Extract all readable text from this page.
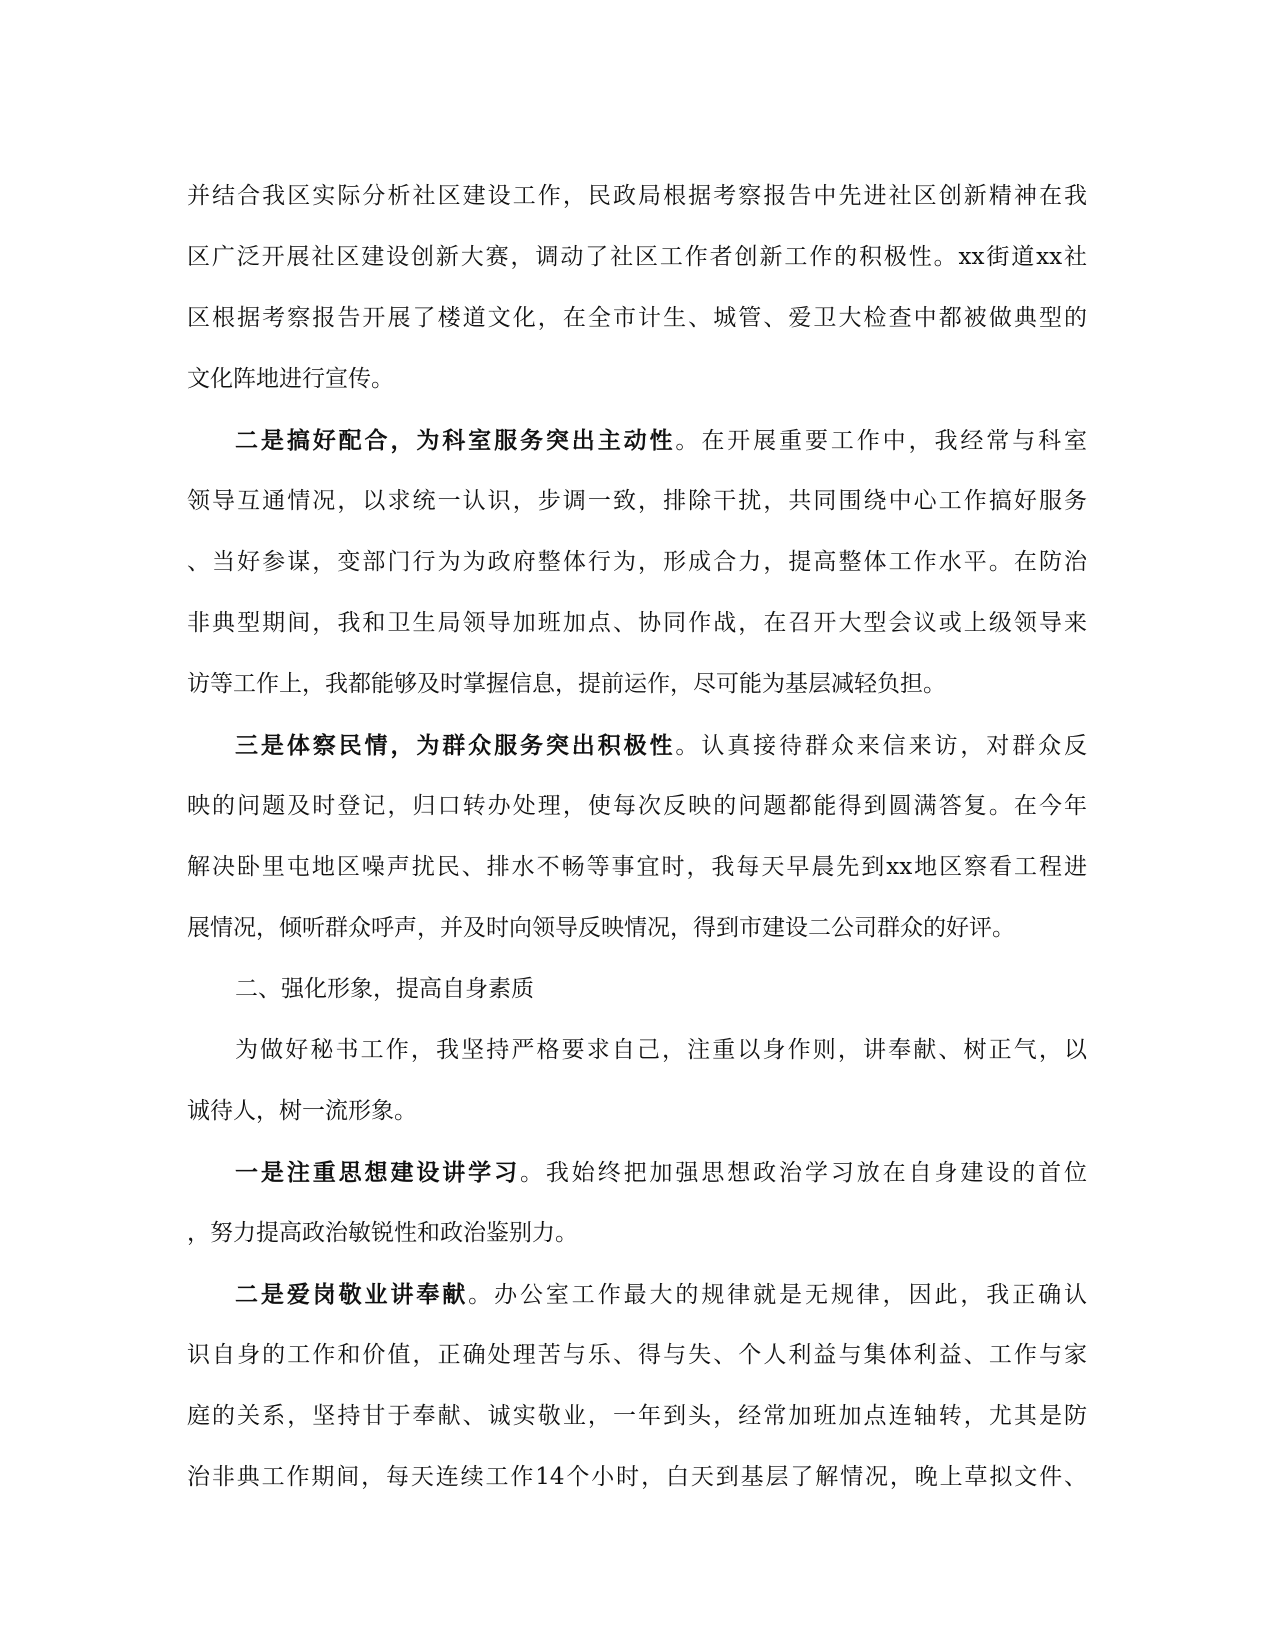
并结合我区实际分析社区建设工作，民政局根据考察报告中先进社区创新精神在我
区广泛开展社区建设创新大赛，调动了社区工作者创新工作的积极性。xx街道xx社
区根据考察报告开展了楼道文化，在全市计生、城管、爱卫大检查中都被做典型的
文化阵地进行宣传。
二是搞好配合，为科室服务突出主动性。在开展重要工作中，我经常与科室
领导互通情况，以求统一认识，步调一致，排除干扰，共同围绕中心工作搞好服务
、当好参谋，变部门行为为政府整体行为，形成合力，提高整体工作水平。在防治
非典型期间，我和卫生局领导加班加点、协同作战，在召开大型会议或上级领导来
访等工作上，我都能够及时掌握信息，提前运作，尽可能为基层减轻负担。
三是体察民情，为群众服务突出积极性。认真接待群众来信来访，对群众反
映的问题及时登记，归口转办处理，使每次反映的问题都能得到圆满答复。在今年
解决卧里屯地区噪声扰民、排水不畅等事宜时，我每天早晨先到xx地区察看工程进
展情况，倾听群众呼声，并及时向领导反映情况，得到市建设二公司群众的好评。
二、强化形象，提高自身素质
为做好秘书工作，我坚持严格要求自己，注重以身作则，讲奉献、树正气，以
诚待人，树一流形象。
一是注重思想建设讲学习。我始终把加强思想政治学习放在自身建设的首位
，努力提高政治敏锐性和政治鉴别力。
二是爱岗敬业讲奉献。办公室工作最大的规律就是无规律，因此，我正确认
识自身的工作和价值，正确处理苦与乐、得与失、个人利益与集体利益、工作与家
庭的关系，坚持甘于奉献、诚实敬业，一年到头，经常加班加点连轴转，尤其是防
治非典工作期间，每天连续工作14个小时，白天到基层了解情况，晚上草拟文件、
